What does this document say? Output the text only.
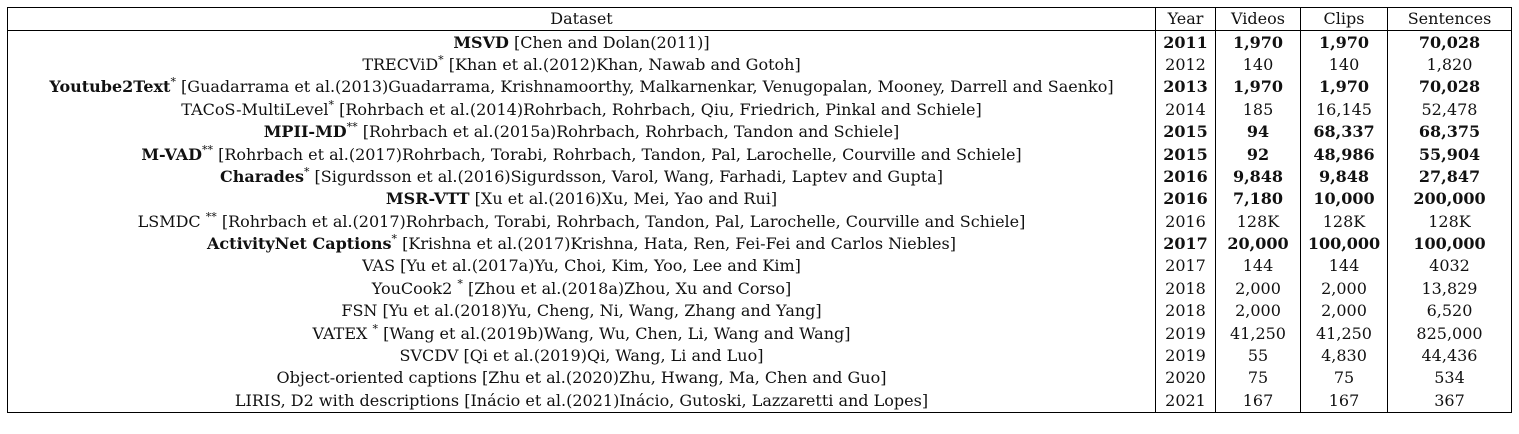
Dataset	Year	Videos	Clips	Sentences
MSVD [Chen and Dolan(2011)]	2011	1,970	1,970	70,028
TRECViD* [Khan et al.(2012)Khan, Nawab and Gotoh]	2012	140	140	1,820
Youtube2Text* [Guadarrama et al.(2013)Guadarrama, Krishnamoorthy, Malkarnenkar, Venugopalan, Mooney, Darrell and Saenko]	2013	1,970	1,970	70,028
TACoS-MultiLevel* [Rohrbach et al.(2014)Rohrbach, Rohrbach, Qiu, Friedrich, Pinkal and Schiele]	2014	185	16,145	52,478
MPII-MD** [Rohrbach et al.(2015a)Rohrbach, Rohrbach, Tandon and Schiele]	2015	94	68,337	68,375
M-VAD** [Rohrbach et al.(2017)Rohrbach, Torabi, Rohrbach, Tandon, Pal, Larochelle, Courville and Schiele]	2015	92	48,986	55,904
Charades* [Sigurdsson et al.(2016)Sigurdsson, Varol, Wang, Farhadi, Laptev and Gupta]	2016	9,848	9,848	27,847
MSR-VTT [Xu et al.(2016)Xu, Mei, Yao and Rui]	2016	7,180	10,000	200,000
LSMDC ** [Rohrbach et al.(2017)Rohrbach, Torabi, Rohrbach, Tandon, Pal, Larochelle, Courville and Schiele]	2016	128K	128K	128K
ActivityNet Captions* [Krishna et al.(2017)Krishna, Hata, Ren, Fei-Fei and Carlos Niebles]	2017	20,000	100,000	100,000
VAS [Yu et al.(2017a)Yu, Choi, Kim, Yoo, Lee and Kim]	2017	144	144	4032
YouCook2 * [Zhou et al.(2018a)Zhou, Xu and Corso]	2018	2,000	2,000	13,829
FSN [Yu et al.(2018)Yu, Cheng, Ni, Wang, Zhang and Yang]	2018	2,000	2,000	6,520
VATEX * [Wang et al.(2019b)Wang, Wu, Chen, Li, Wang and Wang]	2019	41,250	41,250	825,000
SVCDV [Qi et al.(2019)Qi, Wang, Li and Luo]	2019	55	4,830	44,436
Object-oriented captions [Zhu et al.(2020)Zhu, Hwang, Ma, Chen and Guo]	2020	75	75	534
LIRIS, D2 with descriptions [Inácio et al.(2021)Inácio, Gutoski, Lazzaretti and Lopes]	2021	167	167	367
